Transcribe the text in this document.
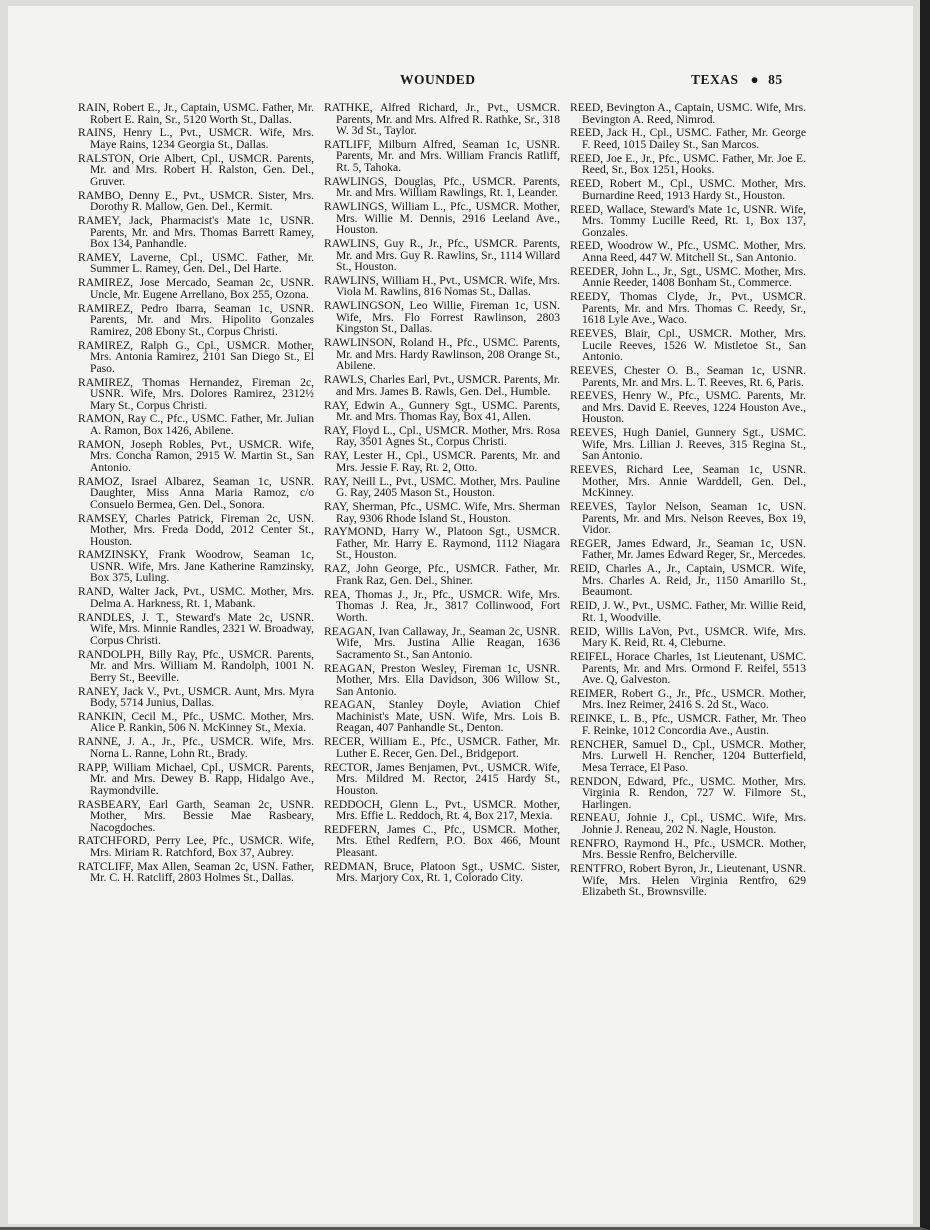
WOUNDED	TEXAS ● 85

RAIN, Robert E., Jr., Captain, USMC. Father, Mr. Robert E. Rain, Sr., 5120 Worth St., Dallas.

RAINS, Henry L., Pvt., USMCR. Wife, Mrs. Maye Rains, 1234 Georgia St., Dallas.

RALSTON, Orie Albert, Cpl., USMCR. Parents, Mr. and Mrs. Robert H. Ralston, Gen. Del., Gruver.

RAMBO, Denny E., Pvt., USMCR. Sister, Mrs. Dorothy R. Mallow, Gen. Del., Kermit.

RAMEY, Jack, Pharmacist's Mate 1c, USNR. Parents, Mr. and Mrs. Thomas Barrett Ramey, Box 134, Panhandle.

RAMEY, Laverne, Cpl., USMC. Father, Mr. Summer L. Ramey, Gen. Del., Del Harte.

RAMIREZ, Jose Mercado, Seaman 2c, USNR. Uncle, Mr. Eugene Arrellano, Box 255, Ozona.

RAMIREZ, Pedro Ibarra, Seaman 1c, USNR. Parents, Mr. and Mrs. Hipolito Gonzales Ramirez, 208 Ebony St., Corpus Christi.

RAMIREZ, Ralph G., Cpl., USMCR. Mother, Mrs. Antonia Ramirez, 2101 San Diego St., El Paso.

RAMIREZ, Thomas Hernandez, Fireman 2c, USNR. Wife, Mrs. Dolores Ramirez, 2312½ Mary St., Corpus Christi.

RAMON, Ray C., Pfc., USMC. Father, Mr. Julian A. Ramon, Box 1426, Abilene.

RAMON, Joseph Robles, Pvt., USMCR. Wife, Mrs. Concha Ramon, 2915 W. Martin St., San Antonio.

RAMOZ, Israel Albarez, Seaman 1c, USNR. Daughter, Miss Anna Maria Ramoz, c/o Consuelo Bermea, Gen. Del., Sonora.

RAMSEY, Charles Patrick, Fireman 2c, USN. Mother, Mrs. Freda Dodd, 2012 Center St., Houston.

RAMZINSKY, Frank Woodrow, Seaman 1c, USNR. Wife, Mrs. Jane Katherine Ramzinsky, Box 375, Luling.

RAND, Walter Jack, Pvt., USMC. Mother, Mrs. Delma A. Harkness, Rt. 1, Mabank.

RANDLES, J. T., Steward's Mate 2c, USNR. Wife, Mrs. Minnie Randles, 2321 W. Broadway, Corpus Christi.

RANDOLPH, Billy Ray, Pfc., USMCR. Parents, Mr. and Mrs. William M. Randolph, 1001 N. Berry St., Beeville.

RANEY, Jack V., Pvt., USMCR. Aunt, Mrs. Myra Body, 5714 Junius, Dallas.

RANKIN, Cecil M., Pfc., USMC. Mother, Mrs. Alice P. Rankin, 506 N. McKinney St., Mexia.

RANNE, J. A., Jr., Pfc., USMCR. Wife, Mrs. Norna L. Ranne, Lohn Rt., Brady.

RAPP, William Michael, Cpl., USMCR. Parents, Mr. and Mrs. Dewey B. Rapp, Hidalgo Ave., Raymondville.

RASBEARY, Earl Garth, Seaman 2c, USNR. Mother, Mrs. Bessie Mae Rasbeary, Nacogdoches.

RATCHFORD, Perry Lee, Pfc., USMCR. Wife, Mrs. Miriam R. Ratchford, Box 37, Aubrey.

RATCLIFF, Max Allen, Seaman 2c, USN. Father, Mr. C. H. Ratcliff, 2803 Holmes St., Dallas.

RATHKE, Alfred Richard, Jr., Pvt., USMCR. Parents, Mr. and Mrs. Alfred R. Rathke, Sr., 318 W. 3d St., Taylor.

RATLIFF, Milburn Alfred, Seaman 1c, USNR. Parents, Mr. and Mrs. William Francis Ratliff, Rt. 5, Tahoka.

RAWLINGS, Douglas, Pfc., USMCR. Parents, Mr. and Mrs. William Rawlings, Rt. 1, Leander.

RAWLINGS, William L., Pfc., USMCR. Mother, Mrs. Willie M. Dennis, 2916 Leeland Ave., Houston.

RAWLINS, Guy R., Jr., Pfc., USMCR. Parents, Mr. and Mrs. Guy R. Rawlins, Sr., 1114 Willard St., Houston.

RAWLINS, William H., Pvt., USMCR. Wife, Mrs. Viola M. Rawlins, 816 Nomas St., Dallas.

RAWLINGSON, Leo Willie, Fireman 1c, USN. Wife, Mrs. Flo Forrest Rawlinson, 2803 Kingston St., Dallas.

RAWLINSON, Roland H., Pfc., USMC. Parents, Mr. and Mrs. Hardy Rawlinson, 208 Orange St., Abilene.

RAWLS, Charles Earl, Pvt., USMCR. Parents, Mr. and Mrs. James B. Rawls, Gen. Del., Humble.

RAY, Edwin A., Gunnery Sgt., USMC. Parents, Mr. and Mrs. Thomas Ray, Box 41, Allen.

RAY, Floyd L., Cpl., USMCR. Mother, Mrs. Rosa Ray, 3501 Agnes St., Corpus Christi.

RAY, Lester H., Cpl., USMCR. Parents, Mr. and Mrs. Jessie F. Ray, Rt. 2, Otto.

RAY, Neill L., Pvt., USMC. Mother, Mrs. Pauline G. Ray, 2405 Mason St., Houston.

RAY, Sherman, Pfc., USMC. Wife, Mrs. Sherman Ray, 9306 Rhode Island St., Houston.

RAYMOND, Harry W., Platoon Sgt., USMCR. Father, Mr. Harry E. Raymond, 1112 Niagara St., Houston.

RAZ, John George, Pfc., USMCR. Father, Mr. Frank Raz, Gen. Del., Shiner.

REA, Thomas J., Jr., Pfc., USMCR. Wife, Mrs. Thomas J. Rea, Jr., 3817 Collinwood, Fort Worth.

REAGAN, Ivan Callaway, Jr., Seaman 2c, USNR. Wife, Mrs. Justina Allie Reagan, 1636 Sacramento St., San Antonio.

REAGAN, Preston Wesley, Fireman 1c, USNR. Mother, Mrs. Ella Davidson, 306 Willow St., San Antonio.

REAGAN, Stanley Doyle, Aviation Chief Machinist's Mate, USN. Wife, Mrs. Lois B. Reagan, 407 Panhandle St., Denton.

RECER, William E., Pfc., USMCR. Father, Mr. Luther E. Recer, Gen. Del., Bridgeport.

RECTOR, James Benjamen, Pvt., USMCR. Wife, Mrs. Mildred M. Rector, 2415 Hardy St., Houston.

REDDOCH, Glenn L., Pvt., USMCR. Mother, Mrs. Effie L. Reddoch, Rt. 4, Box 217, Mexia.

REDFERN, James C., Pfc., USMCR. Mother, Mrs. Ethel Redfern, P.O. Box 466, Mount Pleasant.

REDMAN, Bruce, Platoon Sgt., USMC. Sister, Mrs. Marjory Cox, Rt. 1, Colorado City.

REED, Bevington A., Captain, USMC. Wife, Mrs. Bevington A. Reed, Nimrod.

REED, Jack H., Cpl., USMC. Father, Mr. George F. Reed, 1015 Dailey St., San Marcos.

REED, Joe E., Jr., Pfc., USMC. Father, Mr. Joe E. Reed, Sr., Box 1251, Hooks.

REED, Robert M., Cpl., USMC. Mother, Mrs. Burnardine Reed, 1913 Hardy St., Houston.

REED, Wallace, Steward's Mate 1c, USNR. Wife, Mrs. Tommy Lucille Reed, Rt. 1, Box 137, Gonzales.

REED, Woodrow W., Pfc., USMC. Mother, Mrs. Anna Reed, 447 W. Mitchell St., San Antonio.

REEDER, John L., Jr., Sgt., USMC. Mother, Mrs. Annie Reeder, 1408 Bonham St., Commerce.

REEDY, Thomas Clyde, Jr., Pvt., USMCR. Parents, Mr. and Mrs. Thomas C. Reedy, Sr., 1618 Lyle Ave., Waco.

REEVES, Blair, Cpl., USMCR. Mother, Mrs. Lucile Reeves, 1526 W. Mistletoe St., San Antonio.

REEVES, Chester O. B., Seaman 1c, USNR. Parents, Mr. and Mrs. L. T. Reeves, Rt. 6, Paris.

REEVES, Henry W., Pfc., USMC. Parents, Mr. and Mrs. David E. Reeves, 1224 Houston Ave., Houston.

REEVES, Hugh Daniel, Gunnery Sgt., USMC. Wife, Mrs. Lillian J. Reeves, 315 Regina St., San Antonio.

REEVES, Richard Lee, Seaman 1c, USNR. Mother, Mrs. Annie Warddell, Gen. Del., McKinney.

REEVES, Taylor Nelson, Seaman 1c, USN. Parents, Mr. and Mrs. Nelson Reeves, Box 19, Vidor.

REGER, James Edward, Jr., Seaman 1c, USN. Father, Mr. James Edward Reger, Sr., Mercedes.

REID, Charles A., Jr., Captain, USMCR. Wife, Mrs. Charles A. Reid, Jr., 1150 Amarillo St., Beaumont.

REID, J. W., Pvt., USMC. Father, Mr. Willie Reid, Rt. 1, Woodville.

REID, Willis LaVon, Pvt., USMCR. Wife, Mrs. Mary K. Reid, Rt. 4, Cleburne.

REIFEL, Horace Charles, 1st Lieutenant, USMC. Parents, Mr. and Mrs. Ormond F. Reifel, 5513 Ave. Q, Galveston.

REIMER, Robert G., Jr., Pfc., USMCR. Mother, Mrs. Inez Reimer, 2416 S. 2d St., Waco.

REINKE, L. B., Pfc., USMCR. Father, Mr. Theo F. Reinke, 1012 Concordia Ave., Austin.

RENCHER, Samuel D., Cpl., USMCR. Mother, Mrs. Lurwell H. Rencher, 1204 Butterfield, Mesa Terrace, El Paso.

RENDON, Edward, Pfc., USMC. Mother, Mrs. Virginia R. Rendon, 727 W. Filmore St., Harlingen.

RENEAU, Johnie J., Cpl., USMC. Wife, Mrs. Johnie J. Reneau, 202 N. Nagle, Houston.

RENFRO, Raymond H., Pfc., USMCR. Mother, Mrs. Bessie Renfro, Belcherville.

RENTFRO, Robert Byron, Jr., Lieutenant, USNR. Wife, Mrs. Helen Virginia Rentfro, 629 Elizabeth St., Brownsville.
